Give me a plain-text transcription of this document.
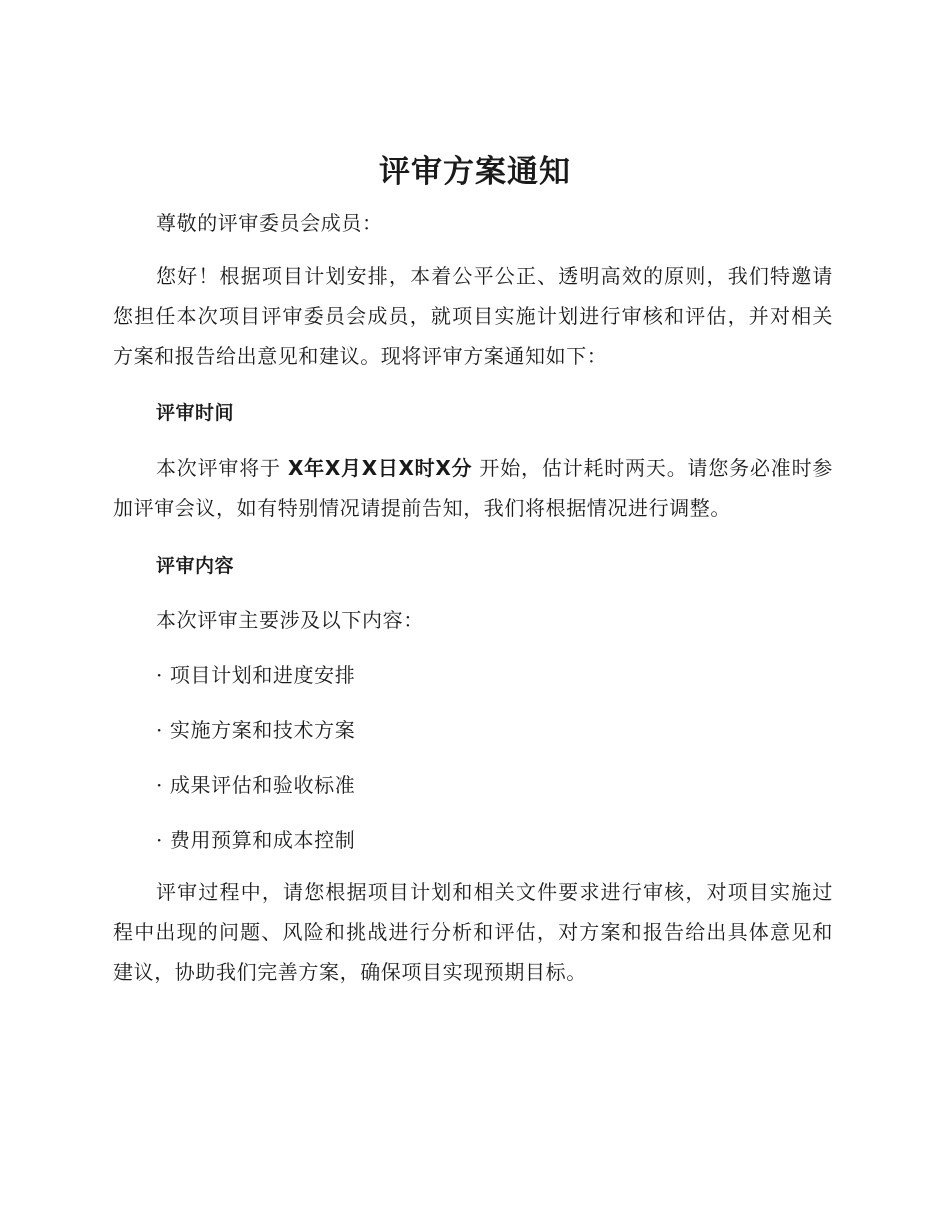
评审方案通知

尊敬的评审委员会成员：

您好！根据项目计划安排，本着公平公正、透明高效的原则，我们特邀请您担任本次项目评审委员会成员，就项目实施计划进行审核和评估，并对相关方案和报告给出意见和建议。现将评审方案通知如下：

评审时间

本次评审将于 X年X月X日X时X分 开始，估计耗时两天。请您务必准时参加评审会议，如有特别情况请提前告知，我们将根据情况进行调整。

评审内容

本次评审主要涉及以下内容：

· 项目计划和进度安排

· 实施方案和技术方案

· 成果评估和验收标准

· 费用预算和成本控制

评审过程中，请您根据项目计划和相关文件要求进行审核，对项目实施过程中出现的问题、风险和挑战进行分析和评估，对方案和报告给出具体意见和建议，协助我们完善方案，确保项目实现预期目标。
